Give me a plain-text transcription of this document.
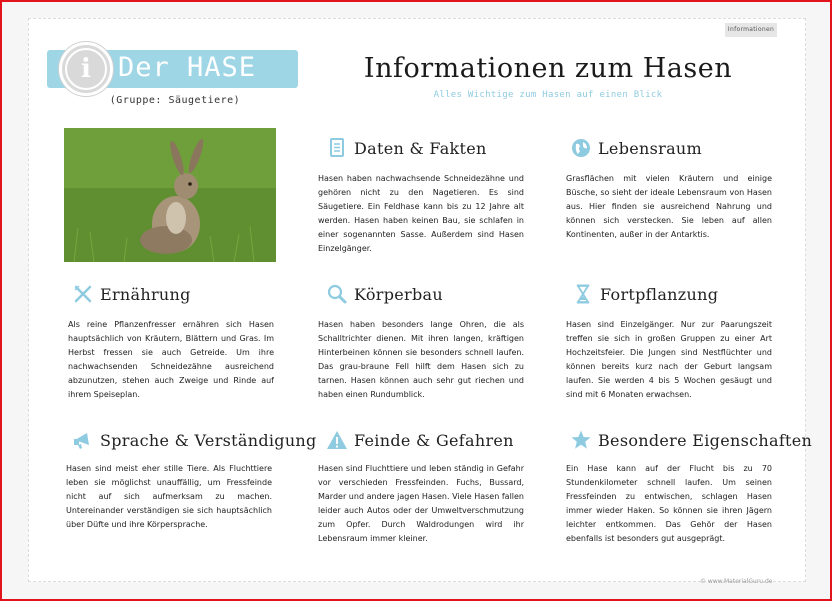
Informationen
i	Der HASE
(Gruppe: Säugetiere)
Informationen zum Hasen
Alles Wichtige zum Hasen auf einen Blick
Daten & Fakten
Hasen haben nachwachsende Schneidezähne und gehören nicht zu den Nagetieren. Es sind Säugetiere. Ein Feldhase kann bis zu 12 Jahre alt werden. Hasen haben keinen Bau, sie schlafen in einer sogenannten Sasse. Außerdem sind Hasen Einzelgänger.
Lebensraum
Grasflächen mit vielen Kräutern und einige Büsche, so sieht der ideale Lebensraum von Hasen aus. Hier finden sie ausreichend Nahrung und können sich verstecken. Sie leben auf allen Kontinenten, außer in der Antarktis.
Ernährung
Als reine Pflanzenfresser ernähren sich Hasen hauptsächlich von Kräutern, Blättern und Gras. Im Herbst fressen sie auch Getreide. Um ihre nachwachsenden Schneidezähne ausreichend abzunutzen, stehen auch Zweige und Rinde auf ihrem Speiseplan.
Körperbau
Hasen haben besonders lange Ohren, die als Schalltrichter dienen. Mit ihren langen, kräftigen Hinterbeinen können sie besonders schnell laufen. Das grau-braune Fell hilft dem Hasen sich zu tarnen. Hasen können auch sehr gut riechen und haben einen Rundumblick.
Fortpflanzung
Hasen sind Einzelgänger. Nur zur Paarungszeit treffen sie sich in großen Gruppen zu einer Art Hochzeitsfeier. Die Jungen sind Nestflüchter und können bereits kurz nach der Geburt langsam laufen. Sie werden 4 bis 5 Wochen gesäugt und sind mit 6 Monaten erwachsen.
Sprache & Verständigung
Hasen sind meist eher stille Tiere. Als Fluchttiere leben sie möglichst unauffällig, um Fressfeinde nicht auf sich aufmerksam zu machen. Untereinander verständigen sie sich hauptsächlich über Düfte und ihre Körpersprache.
Feinde & Gefahren
Hasen sind Fluchttiere und leben ständig in Gefahr vor verschieden Fressfeinden. Fuchs, Bussard, Marder und andere jagen Hasen. Viele Hasen fallen leider auch Autos oder der Umweltverschmutzung zum Opfer. Durch Waldrodungen wird ihr Lebensraum immer kleiner.
Besondere Eigenschaften
Ein Hase kann auf der Flucht bis zu 70 Stundenkilometer schnell laufen. Um seinen Fressfeinden zu entwischen, schlagen Hasen immer wieder Haken. So können sie ihren Jägern leichter entkommen. Das Gehör der Hasen ebenfalls ist besonders gut ausgeprägt.
© www.MaterialGuru.de
